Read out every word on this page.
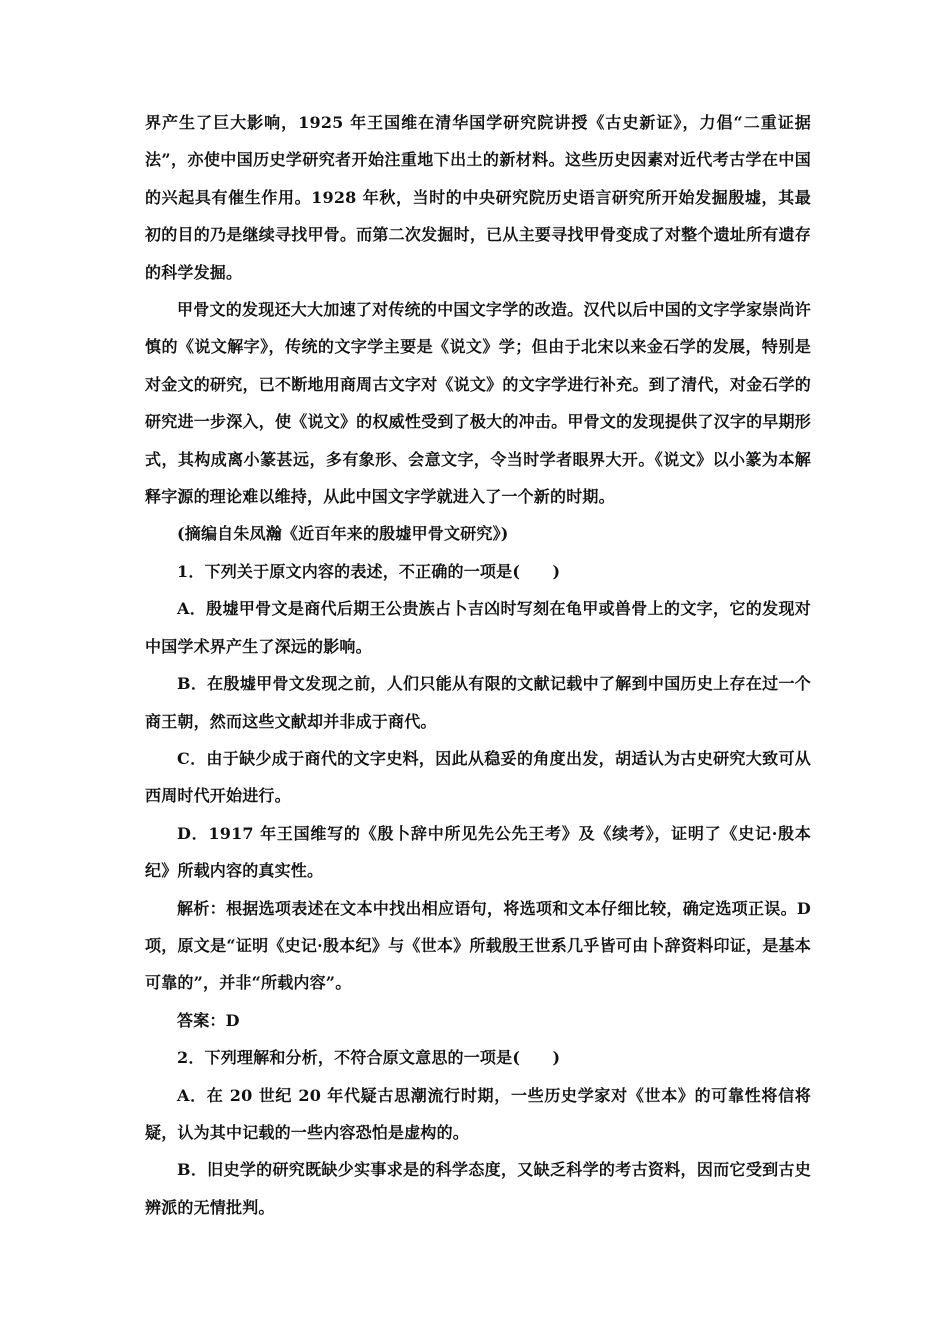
界产生了巨大影响，1925 年王国维在清华国学研究院讲授《古史新证》，力倡“二重证据法”，亦使中国历史学研究者开始注重地下出土的新材料。这些历史因素对近代考古学在中国的兴起具有催生作用。1928 年秋，当时的中央研究院历史语言研究所开始发掘殷墟，其最初的目的乃是继续寻找甲骨。而第二次发掘时，已从主要寻找甲骨变成了对整个遗址所有遗存的科学发掘。

甲骨文的发现还大大加速了对传统的中国文字学的改造。汉代以后中国的文字学家崇尚许慎的《说文解字》，传统的文字学主要是《说文》学；但由于北宋以来金石学的发展，特别是对金文的研究，已不断地用商周古文字对《说文》的文字学进行补充。到了清代，对金石学的研究进一步深入，使《说文》的权威性受到了极大的冲击。甲骨文的发现提供了汉字的早期形式，其构成离小篆甚远，多有象形、会意文字，令当时学者眼界大开。《说文》以小篆为本解释字源的理论难以维持，从此中国文字学就进入了一个新的时期。

(摘编自朱凤瀚《近百年来的殷墟甲骨文研究》)

1．下列关于原文内容的表述，不正确的一项是(　　)

A．殷墟甲骨文是商代后期王公贵族占卜吉凶时写刻在龟甲或兽骨上的文字，它的发现对中国学术界产生了深远的影响。

B．在殷墟甲骨文发现之前，人们只能从有限的文献记载中了解到中国历史上存在过一个商王朝，然而这些文献却并非成于商代。

C．由于缺少成于商代的文字史料，因此从稳妥的角度出发，胡适认为古史研究大致可从西周时代开始进行。

D．1917 年王国维写的《殷卜辞中所见先公先王考》及《续考》，证明了《史记·殷本纪》所载内容的真实性。

解析：根据选项表述在文本中找出相应语句，将选项和文本仔细比较，确定选项正误。D 项，原文是“证明《史记·殷本纪》与《世本》所载殷王世系几乎皆可由卜辞资料印证，是基本可靠的”，并非“所载内容”。

答案：D

2．下列理解和分析，不符合原文意思的一项是(　　)

A．在 20 世纪 20 年代疑古思潮流行时期，一些历史学家对《世本》的可靠性将信将疑，认为其中记载的一些内容恐怕是虚构的。

B．旧史学的研究既缺少实事求是的科学态度，又缺乏科学的考古资料，因而它受到古史辨派的无情批判。
